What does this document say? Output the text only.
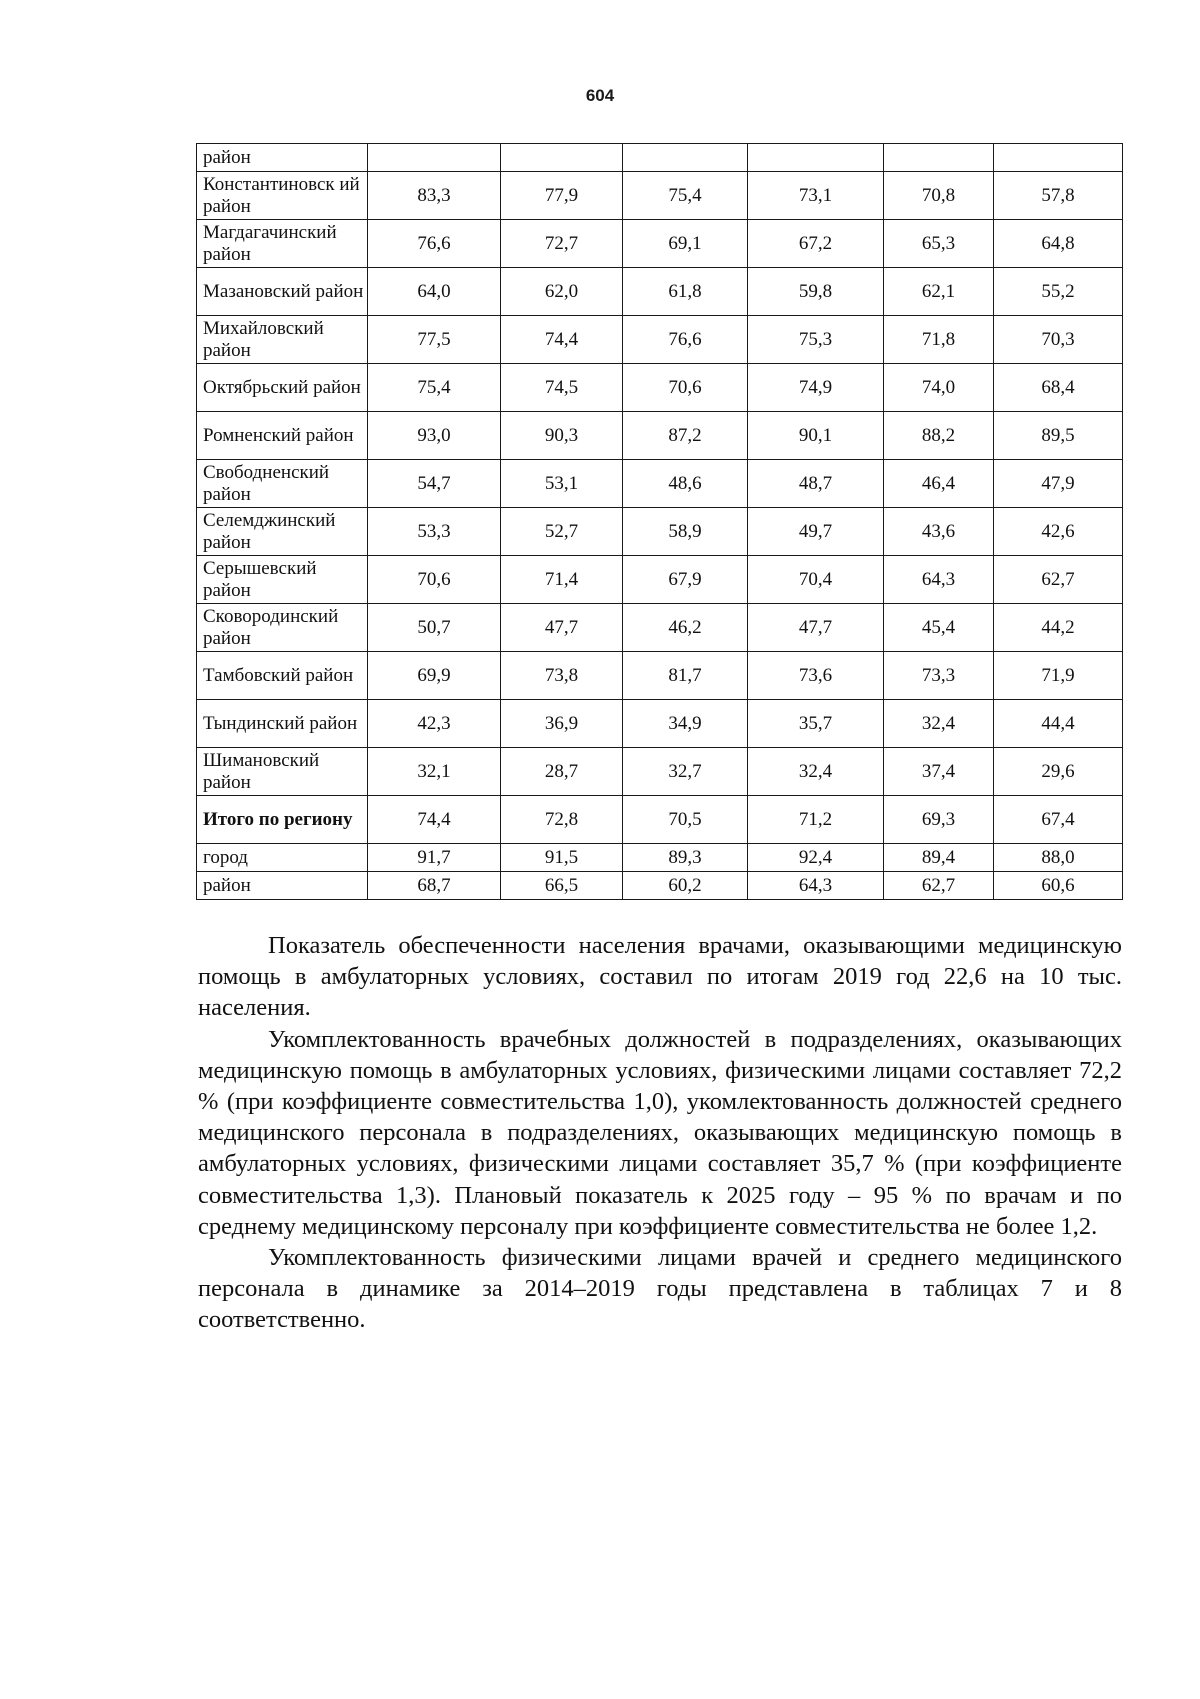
604
район						
Константиновск ий район	83,3	77,9	75,4	73,1	70,8	57,8
Магдагачинский район	76,6	72,7	69,1	67,2	65,3	64,8
Мазановский район	64,0	62,0	61,8	59,8	62,1	55,2
Михайловский район	77,5	74,4	76,6	75,3	71,8	70,3
Октябрьский район	75,4	74,5	70,6	74,9	74,0	68,4
Ромненский район	93,0	90,3	87,2	90,1	88,2	89,5
Свободненский район	54,7	53,1	48,6	48,7	46,4	47,9
Селемджинский район	53,3	52,7	58,9	49,7	43,6	42,6
Серышевский район	70,6	71,4	67,9	70,4	64,3	62,7
Сковородинский район	50,7	47,7	46,2	47,7	45,4	44,2
Тамбовский район	69,9	73,8	81,7	73,6	73,3	71,9
Тындинский район	42,3	36,9	34,9	35,7	32,4	44,4
Шимановский район	32,1	28,7	32,7	32,4	37,4	29,6
Итого по региону	74,4	72,8	70,5	71,2	69,3	67,4
город	91,7	91,5	89,3	92,4	89,4	88,0
район	68,7	66,5	60,2	64,3	62,7	60,6

Показатель обеспеченности населения врачами, оказывающими медицинскую помощь в амбулаторных условиях, составил по итогам 2019 год 22,6 на 10 тыс. населения.

Укомплектованность врачебных должностей в подразделениях, оказывающих медицинскую помощь в амбулаторных условиях, физическими лицами составляет 72,2 % (при коэффициенте совместительства 1,0), укомлектованность должностей среднего медицинского персонала в подразделениях, оказывающих медицинскую помощь в амбулаторных условиях, физическими лицами составляет 35,7 % (при коэффициенте совместительства 1,3). Плановый показатель к 2025 году – 95 % по врачам и по среднему медицинскому персоналу при коэффициенте совместительства не более 1,2.

Укомплектованность физическими лицами врачей и среднего медицинского персонала в динамике за 2014–2019 годы представлена в таблицах 7 и 8 соответственно.
